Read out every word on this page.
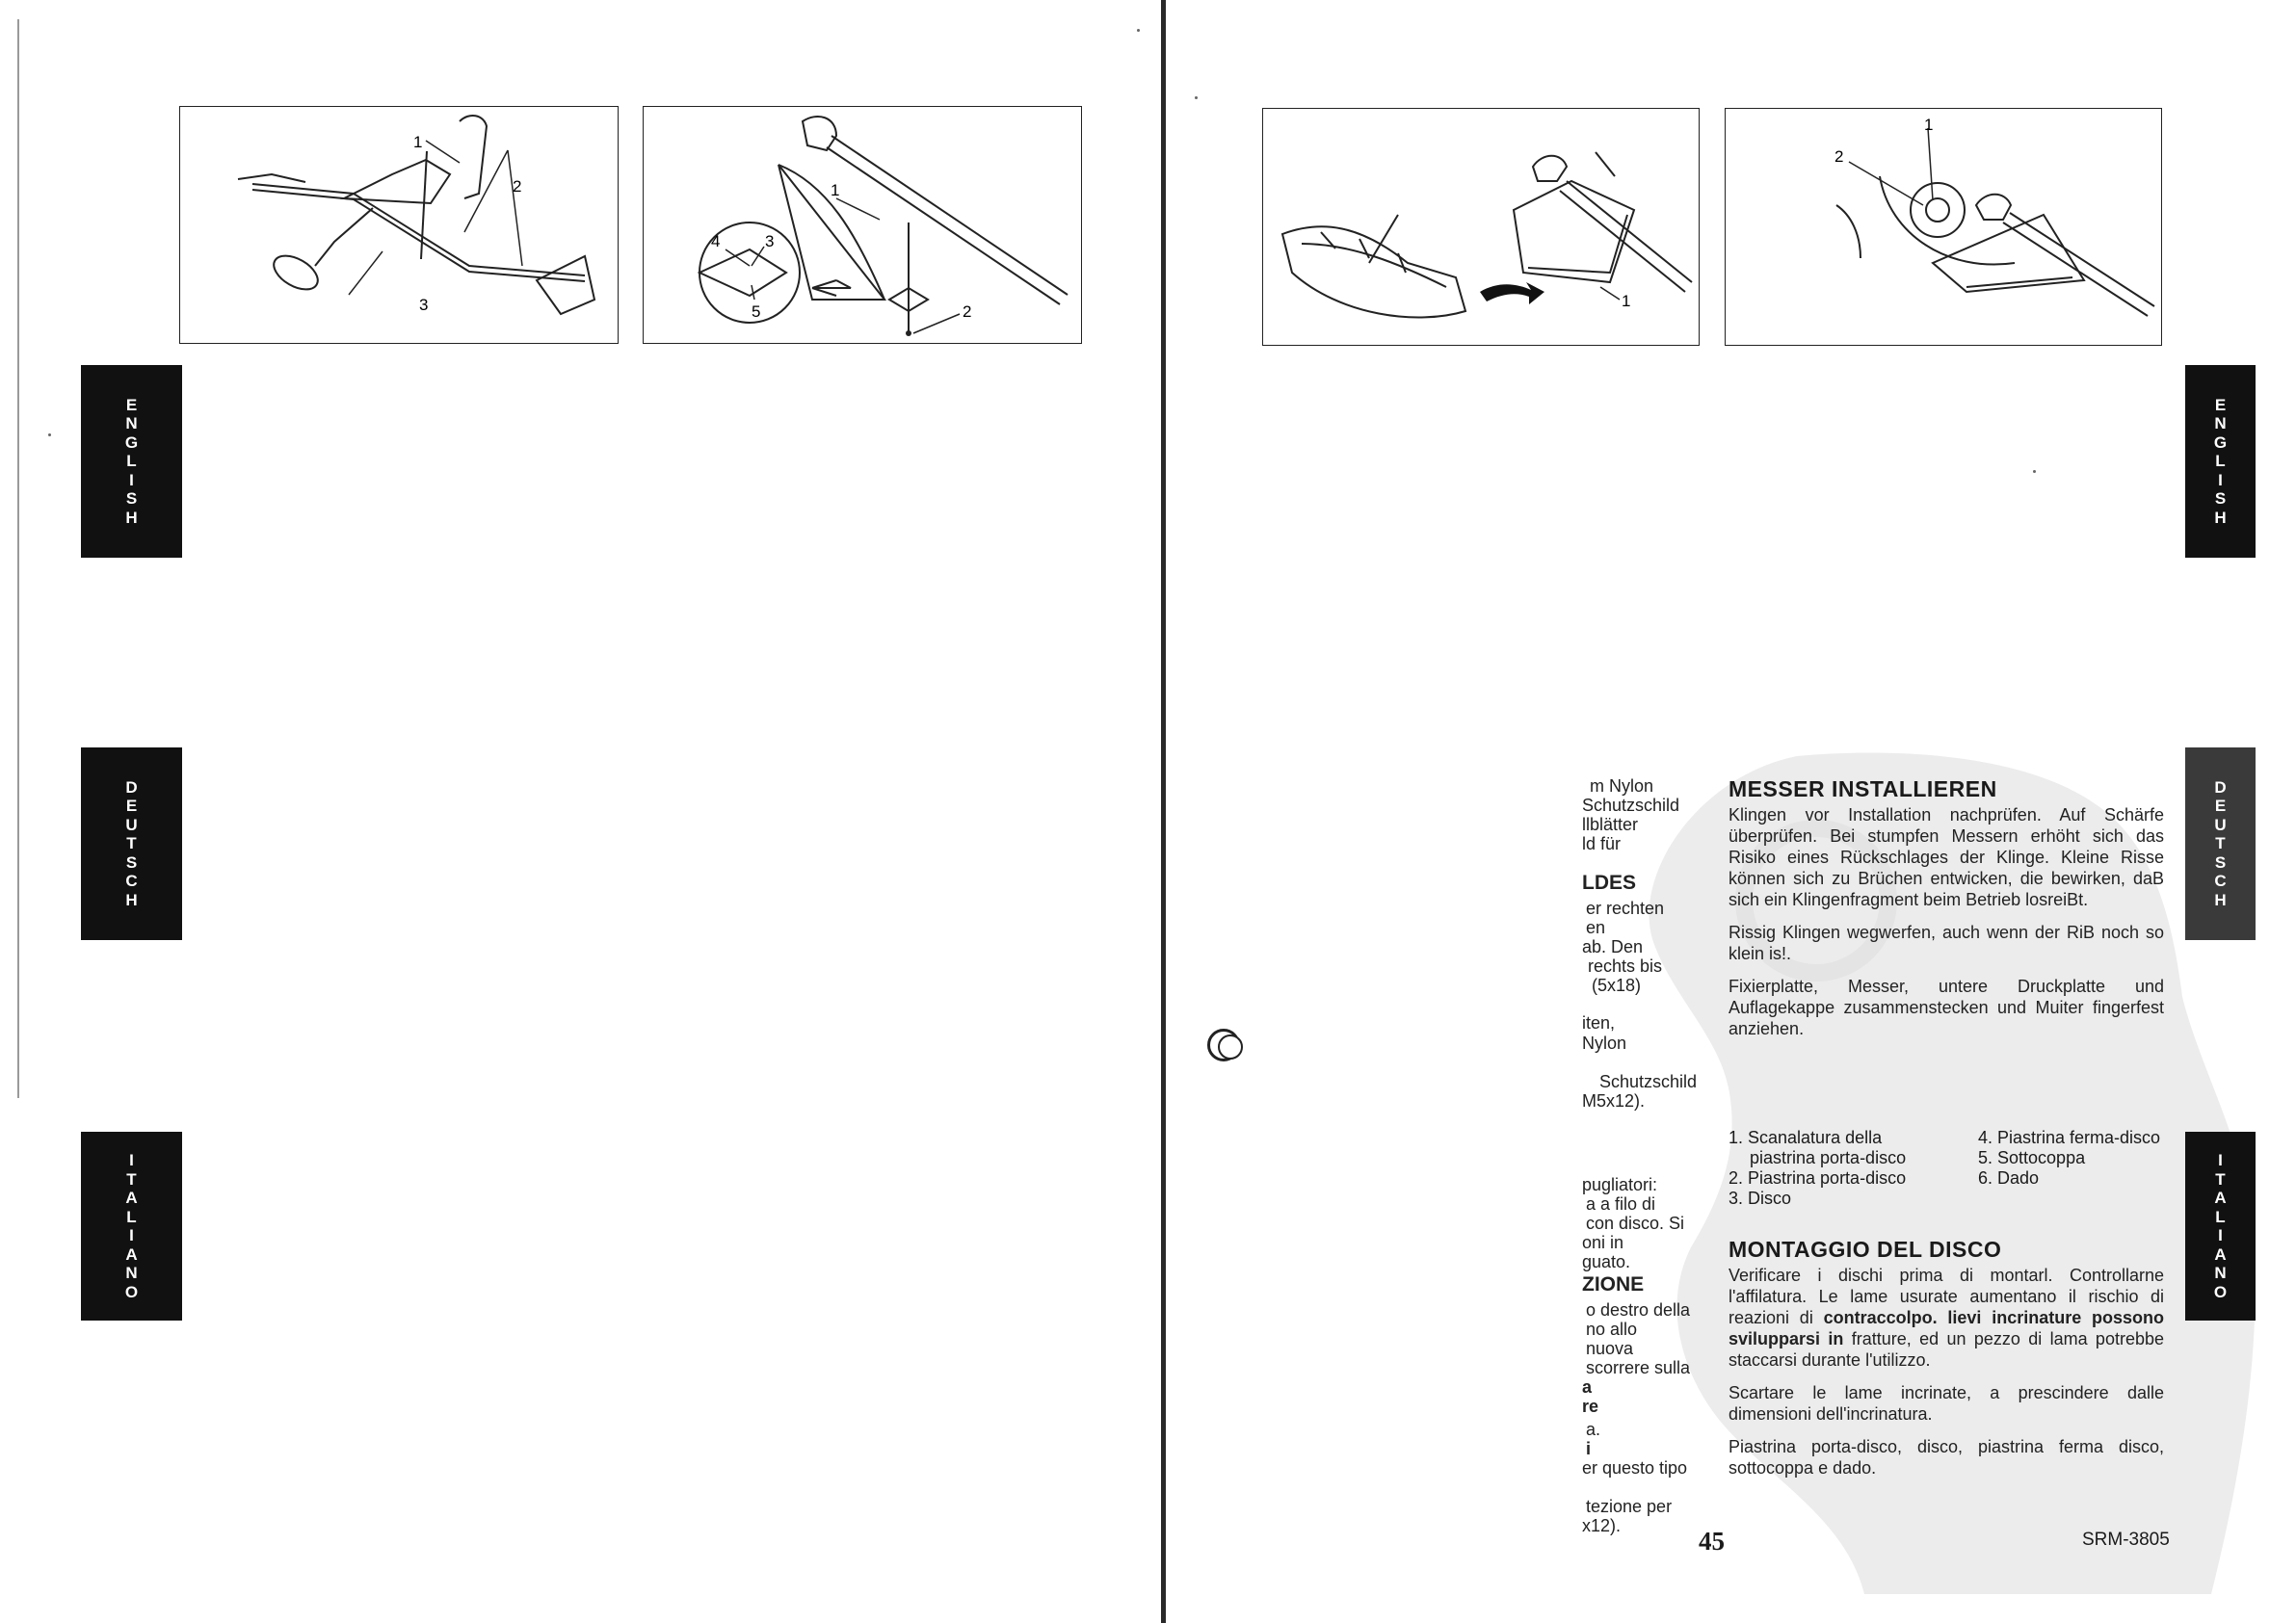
1
2
3
1
2
3
4
5
E
N
G
L
I
S
H
D
E
U
T
S
C
H
I
T
A
L
I
A
N
O
1
1
2
m Nylon
Schutzschild
llblätter
ld für
LDES
er rechten
en
ab. Den
rechts bis
(5x18)
iten,
Nylon
Schutzschild
M5x12).
pugliatori:
a a filo di
con disco. Si
oni in
guato.
ZIONE
o destro della
no allo
nuova
scorrere sulla
a
re
a.
i
er questo tipo
tezione per
x12).
MESSER INSTALLIEREN

Klingen vor Installation nachprüfen. Auf Schärfe überprüfen. Bei stumpfen Messern erhöht sich das Risiko eines Rückschlages der Klinge. Kleine Risse können sich zu Brüchen entwicken, die bewirken, daB sich ein Klingenfragment beim Betrieb losreiBt.

Rissig Klingen wegwerfen, auch wenn der RiB noch so klein is!.

Fixierplatte, Messer, untere Druckplatte und Auflagekappe zusammenstecken und Muiter fingerfest anziehen.

1. Scanalatura della
piastrina porta-disco
2. Piastrina porta-disco
3. Disco
4. Piastrina ferma-disco
5. Sottocoppa
6. Dado
MONTAGGIO DEL DISCO

Verificare i dischi prima di montarl. Controllarne l'affilatura. Le lame usurate aumentano il rischio di reazioni di contraccolpo. lievi incrinature possono svilupparsi in fratture, ed un pezzo di lama potrebbe staccarsi durante l'utilizzo.

Scartare le lame incrinate, a prescindere dalle dimensioni dell'incrinatura.

Piastrina porta-disco, disco, piastrina ferma disco, sottocoppa e dado.

E
N
G
L
I
S
H
D
E
U
T
S
C
H
I
T
A
L
I
A
N
O
45	SRM-3805
